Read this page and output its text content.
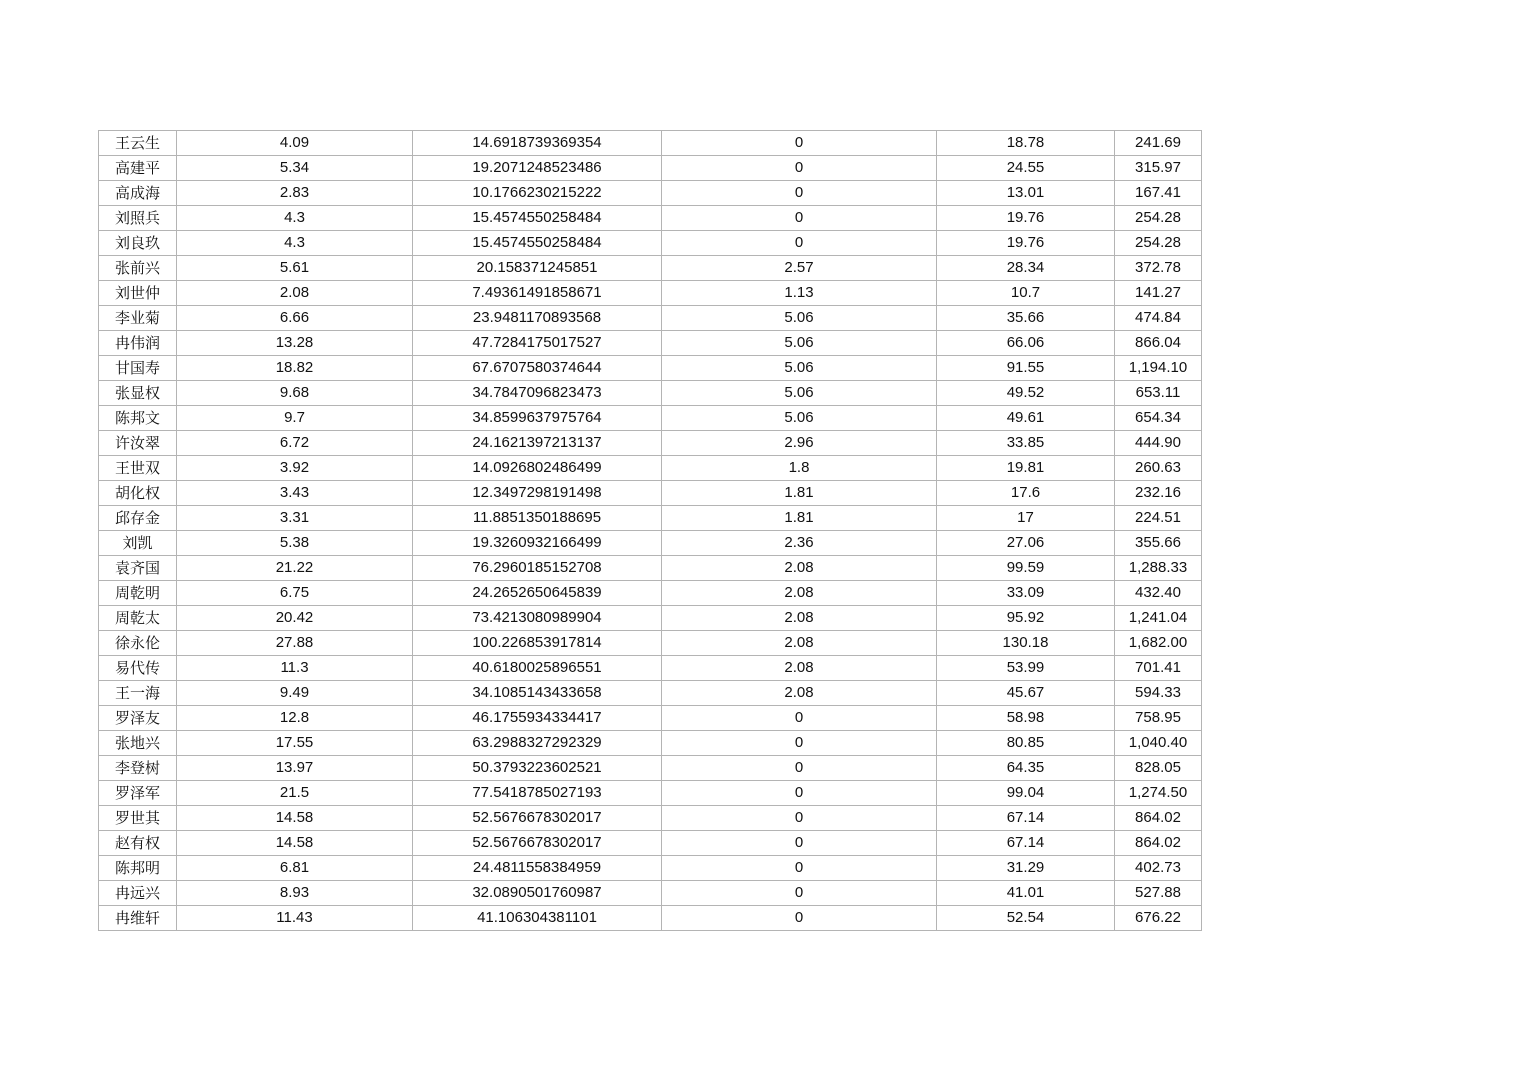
王云生	4.09	14.6918739369354	0	18.78	241.69
高建平	5.34	19.2071248523486	0	24.55	315.97
高成海	2.83	10.1766230215222	0	13.01	167.41
刘照兵	4.3	15.4574550258484	0	19.76	254.28
刘良玖	4.3	15.4574550258484	0	19.76	254.28
张前兴	5.61	20.158371245851	2.57	28.34	372.78
刘世仲	2.08	7.49361491858671	1.13	10.7	141.27
李业菊	6.66	23.9481170893568	5.06	35.66	474.84
冉伟润	13.28	47.7284175017527	5.06	66.06	866.04
甘国寿	18.82	67.6707580374644	5.06	91.55	1,194.10
张显权	9.68	34.7847096823473	5.06	49.52	653.11
陈邦文	9.7	34.8599637975764	5.06	49.61	654.34
许汝翠	6.72	24.1621397213137	2.96	33.85	444.90
王世双	3.92	14.0926802486499	1.8	19.81	260.63
胡化权	3.43	12.3497298191498	1.81	17.6	232.16
邱存金	3.31	11.8851350188695	1.81	17	224.51
刘凯	5.38	19.3260932166499	2.36	27.06	355.66
袁齐国	21.22	76.2960185152708	2.08	99.59	1,288.33
周乾明	6.75	24.2652650645839	2.08	33.09	432.40
周乾太	20.42	73.4213080989904	2.08	95.92	1,241.04
徐永伦	27.88	100.226853917814	2.08	130.18	1,682.00
易代传	11.3	40.6180025896551	2.08	53.99	701.41
王一海	9.49	34.1085143433658	2.08	45.67	594.33
罗泽友	12.8	46.1755934334417	0	58.98	758.95
张地兴	17.55	63.2988327292329	0	80.85	1,040.40
李登树	13.97	50.3793223602521	0	64.35	828.05
罗泽军	21.5	77.5418785027193	0	99.04	1,274.50
罗世其	14.58	52.5676678302017	0	67.14	864.02
赵有权	14.58	52.5676678302017	0	67.14	864.02
陈邦明	6.81	24.4811558384959	0	31.29	402.73
冉远兴	8.93	32.0890501760987	0	41.01	527.88
冉维轩	11.43	41.106304381101	0	52.54	676.22
